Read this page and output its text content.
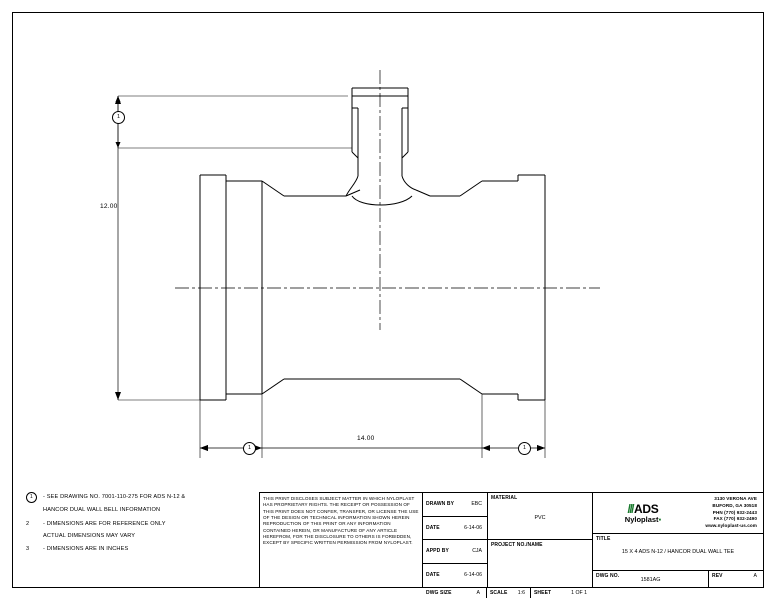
12.00
14.00
1
1	1
1	- SEE DRAWING NO. 7001-110-275 FOR ADS N-12 &
HANCOR DUAL WALL BELL INFORMATION
2	- DIMENSIONS ARE FOR REFERENCE ONLY
ACTUAL DIMENSIONS MAY VARY
3	- DIMENSIONS ARE IN INCHES
THIS PRINT DISCLOSES SUBJECT MATTER IN WHICH NYLOPLAST HAS PROPRIETARY RIGHTS. THE RECEIPT OR POSSESSION OF THIS PRINT DOES NOT CONFER, TRANSFER, OR LICENSE THE USE OF THE DESIGN OR TECHNICAL INFORMATION SHOWN HEREIN REPRODUCTION OF THIS PRINT OR ANY INFORMATION CONTAINED HEREIN, OR MANUFACTURE OF ANY ARTICLE HEREFROM, FOR THE DISCLOSURE TO OTHERS IS FORBIDDEN, EXCEPT BY SPECIFIC WRITTEN PERMISSION FROM NYLOPLAST.
DRAWN BY	EBC
DATE	6-14-06
APPD BY	CJA
DATE	6-14-06
MATERIAL
PVC
PROJECT NO./NAME
DWG SIZE	A	SCALE 1:6	SHEET	1 OF 1
/// ADS
Nyloplast▪
3130 VERONA AVE
BUFORD, GA 30518
PHN (770) 932-2443
FAX (770) 932-2490
www.nyloplast-us.com
TITLE
15 X 4 ADS N-12 / HANCOR DUAL WALL TEE
DWG NO.
1581AG
REV	A
